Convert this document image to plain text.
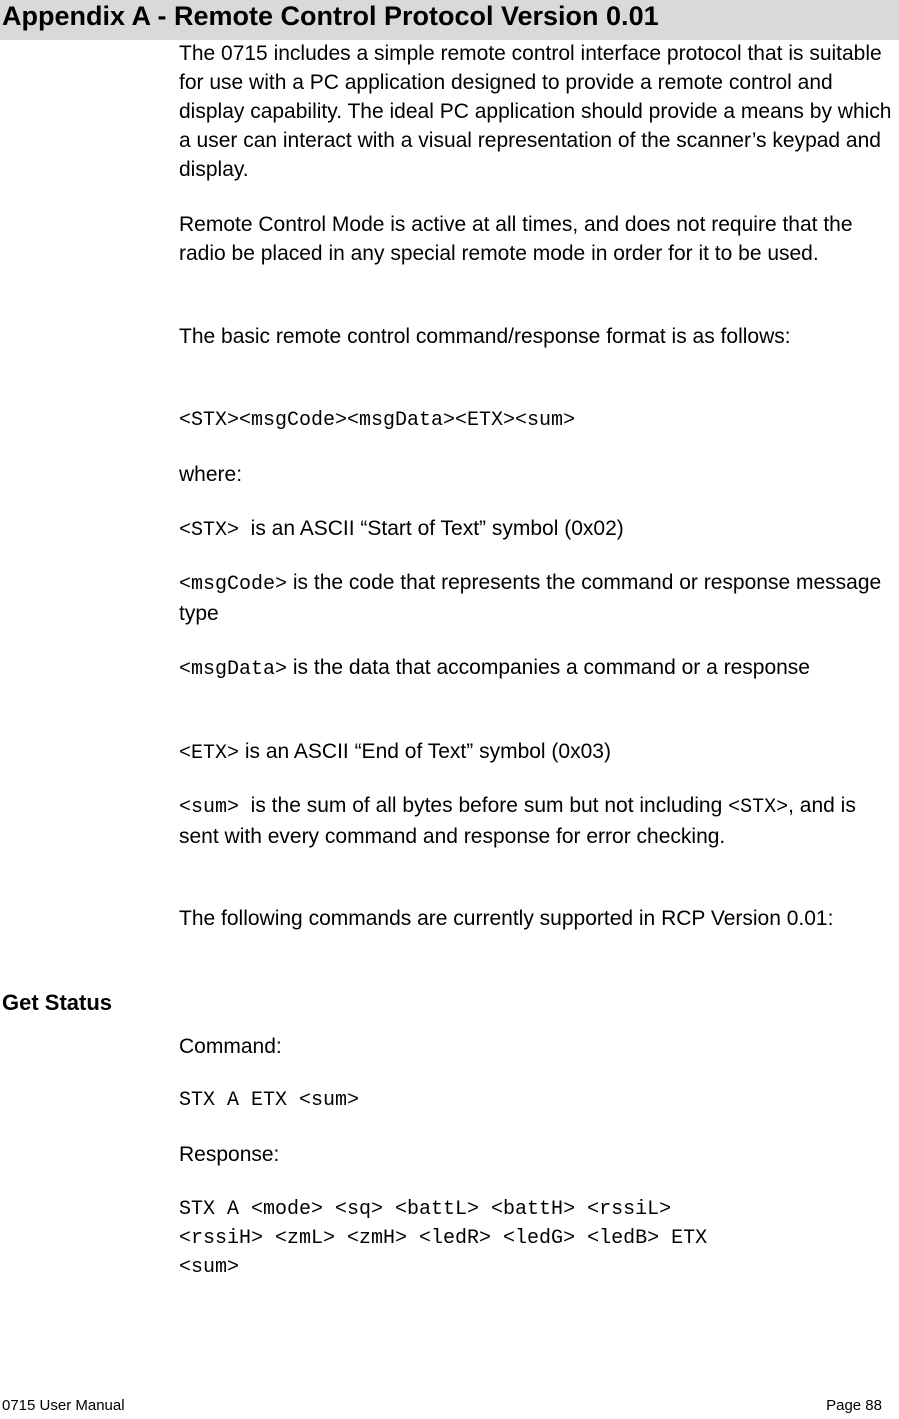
Appendix A - Remote Control Protocol Version 0.01
The 0715 includes a simple remote control interface protocol that is suitable for use with a PC application designed to provide a remote control and display capability. The ideal PC application should provide a means by which a user can interact with a visual representation of the scanner’s keypad and display.
Remote Control Mode is active at all times, and does not require that the radio be placed in any special remote mode in order for it to be used.
The basic remote control command/response format is as follows:
<STX><msgCode><msgData><ETX><sum>
where:
<STX>  is an ASCII “Start of Text” symbol (0x02)
<msgCode> is the code that represents the command or response message type
<msgData> is the data that accompanies a command or a response
<ETX> is an ASCII “End of Text” symbol (0x03)
<sum>  is the sum of all bytes before sum but not including <STX>, and is sent with every command and response for error checking.
The following commands are currently supported in RCP Version 0.01:
Get Status
Command:
STX A ETX <sum>
Response:
STX A <mode> <sq> <battL> <battH> <rssiL>
<rssiH> <zmL> <zmH> <ledR> <ledG> <ledB> ETX
<sum>
0715 User Manual	Page 88
